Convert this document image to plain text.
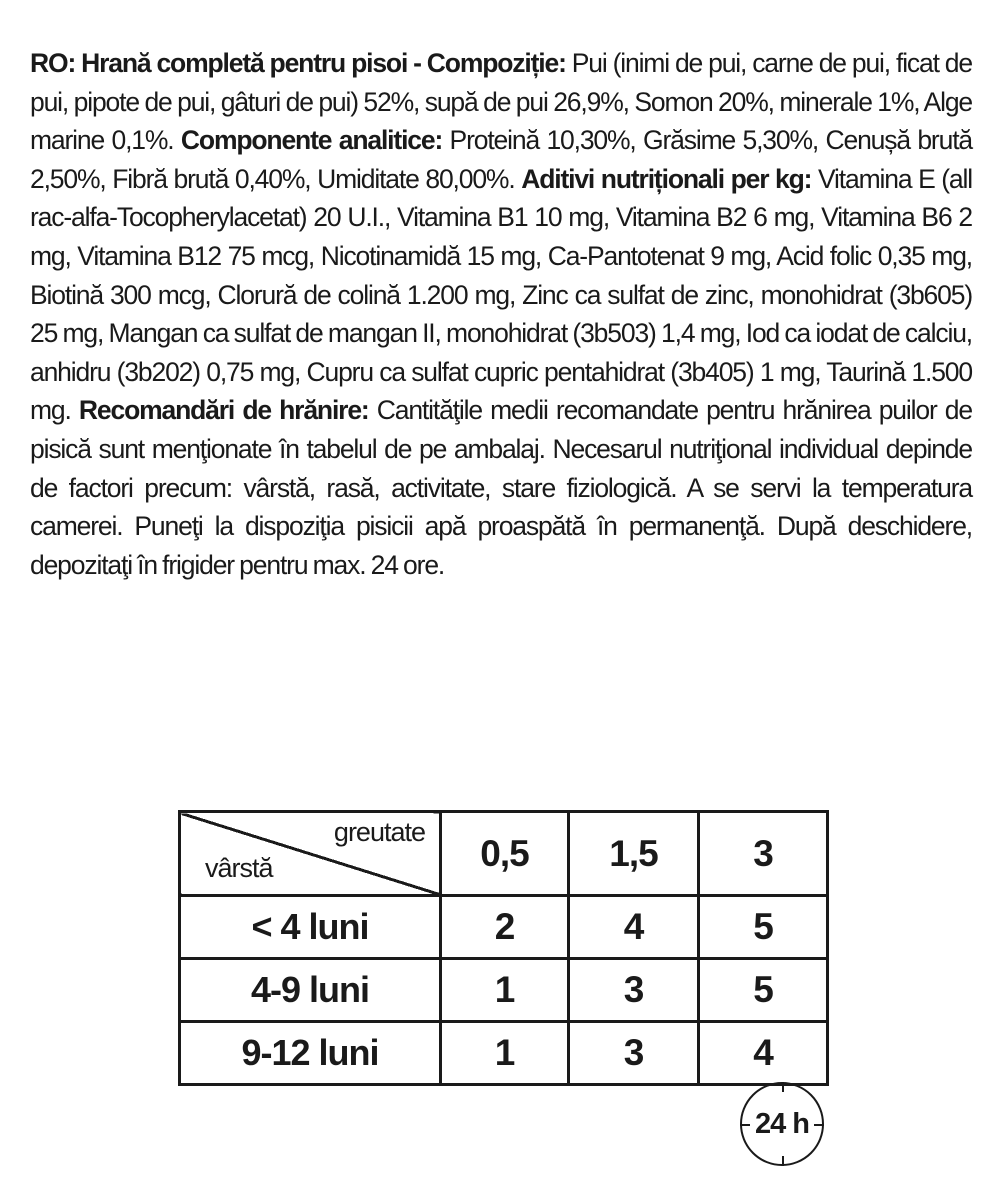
RO: Hrană completă pentru pisoi - Compoziție: Pui (inimi de pui, carne de pui, ficat de pui, pipote de pui, gâturi de pui) 52%, supă de pui 26,9%, Somon 20%, minerale 1%, Alge marine 0,1%. Componente analitice: Proteină 10,30%, Grăsime 5,30%, Cenușă brută 2,50%, Fibră brută 0,40%, Umiditate 80,00%. Aditivi nutriționali per kg: Vitamina E (all rac-alfa-Tocopherylacetat) 20 U.I., Vitamina B1 10 mg, Vitamina B2 6 mg, Vitamina B6 2 mg, Vitamina B12 75 mcg, Nicotinamidă 15 mg, Ca-Pantotenat 9 mg, Acid folic 0,35 mg, Biotină 300 mcg, Clorură de colină 1.200 mg, Zinc ca sulfat de zinc, monohidrat (3b605) 25 mg, Mangan ca sulfat de mangan II, monohidrat (3b503) 1,4 mg, Iod ca iodat de calciu, anhidru (3b202) 0,75 mg, Cupru ca sulfat cupric pentahidrat (3b405) 1 mg, Taurină 1.500 mg. Recomandări de hrănire: Cantităţile medii recomandate pentru hrănirea puilor de pisică sunt menţionate în tabelul de pe ambalaj. Necesarul nutriţional individual depinde de factori precum: vârstă, rasă, activitate, stare fiziologică. A se servi la temperatura camerei. Puneţi la dispoziţia pisicii apă proaspătă în permanenţă. După deschidere, depozitaţi în frigider pentru max. 24 ore.

greutate
vârstă	0,5	1,5	3
< 4 luni	2	4	5
4-9 luni	1	3	5
9-12 luni	1	3	4
24 h
